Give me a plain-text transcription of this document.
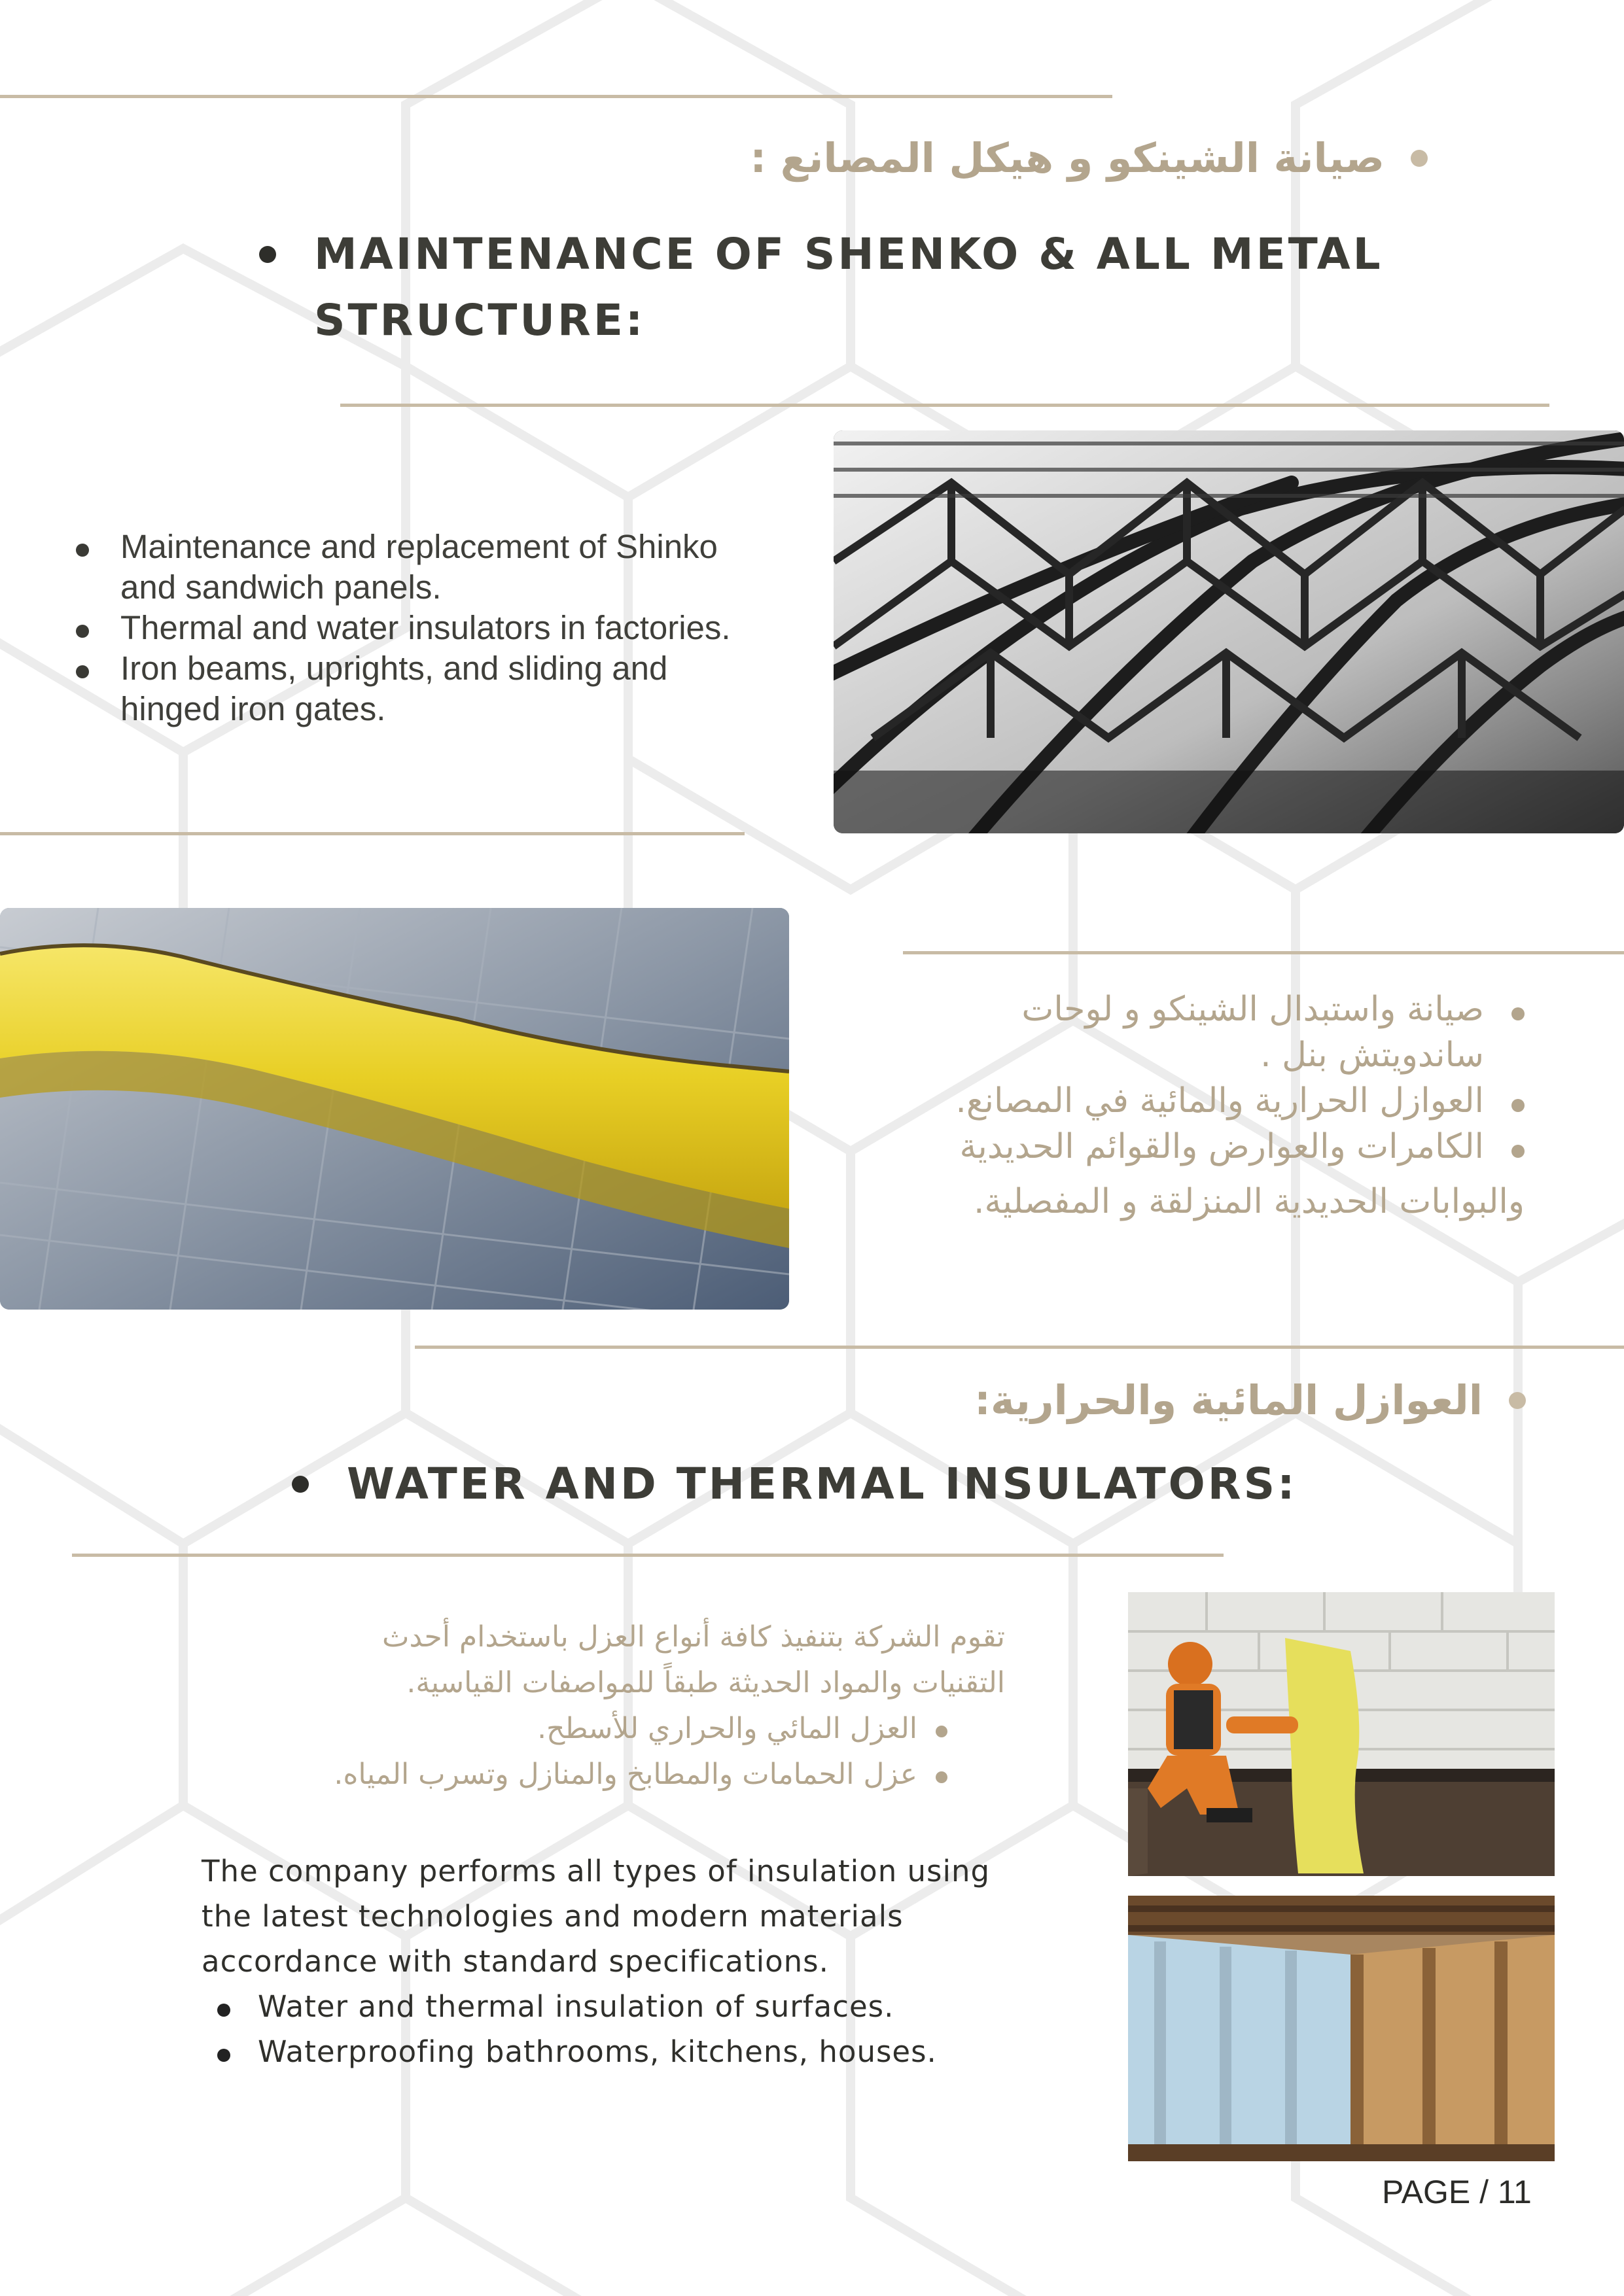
صيانة الشينكو و هيكل المصانع :
MAINTENANCE OF SHENKO & ALL METAL
STRUCTURE:
Maintenance and replacement of Shinko
and sandwich panels.
Thermal and water insulators in factories.
Iron beams, uprights, and sliding and
hinged iron gates.
صيانة واستبدال الشينكو و لوحات
ساندويتش بنل .
العوازل الحرارية والمائية في المصانع.
الكامرات والعوارض والقوائم الحديدية
والبوابات الحديدية المنزلقة و المفصلية.
العوازل المائية والحرارية:
WATER AND THERMAL INSULATORS:
تقوم الشركة بتنفيذ كافة أنواع العزل باستخدام أحدث
التقنيات والمواد الحديثة طبقاً للمواصفات القياسية.
العزل المائي والحراري للأسطح.
عزل الحمامات والمطابخ والمنازل وتسرب المياه.
The company performs all types of insulation using
the latest technologies and modern materials
accordance with standard specifications.
Water and thermal insulation of surfaces.
Waterproofing bathrooms, kitchens, houses.
PAGE / 11
